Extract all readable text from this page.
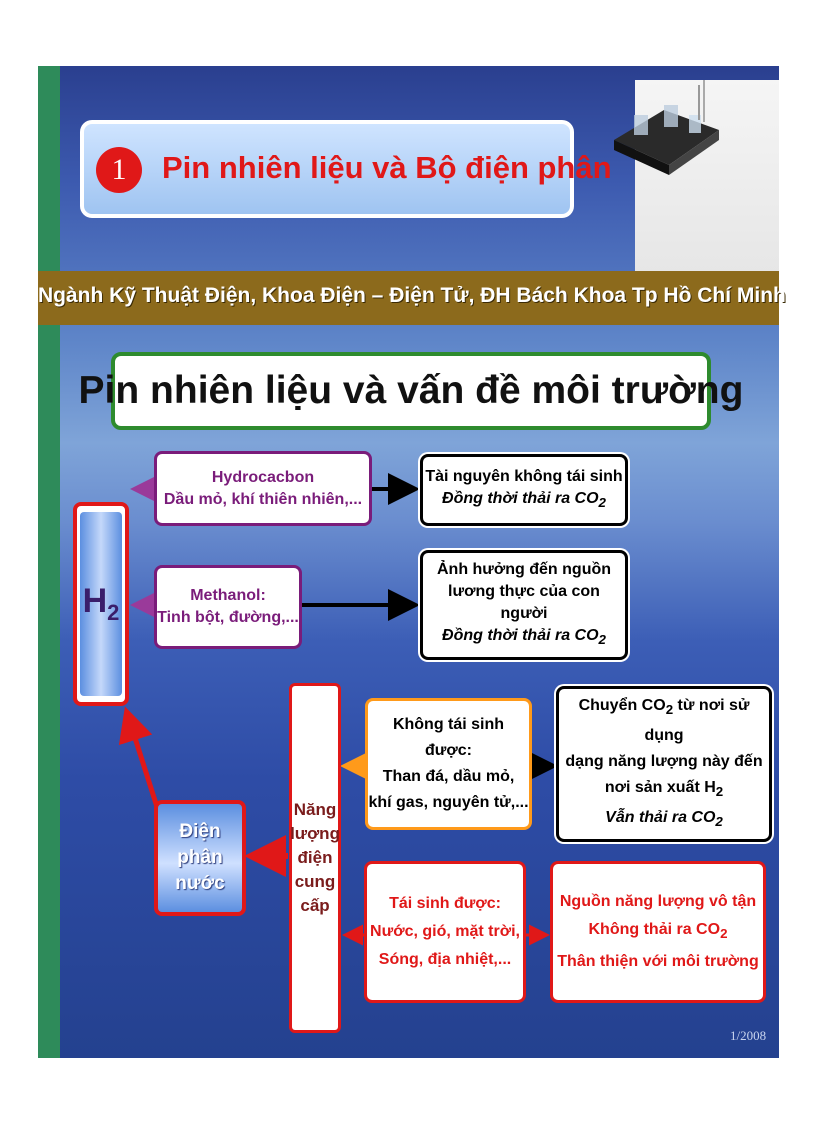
1	Pin nhiên liệu và Bộ điện phân
Ngành Kỹ Thuật Điện, Khoa Điện – Điện Tử, ĐH Bách Khoa Tp Hồ Chí Minh
Pin nhiên liệu và vấn đề môi trường
$H_2$
Hydrocacbon
Dầu mỏ, khí thiên nhiên,...
Methanol:
Tinh bột, đường,...
Tài nguyên không tái sinh
Đồng thời thải ra $CO_2$
Ảnh hưởng đến nguồn
lương thực của con người
Đồng thời thải ra $CO_2$
Điện phân
nước
Năng
lượng
điện
cung
cấp
Không tái sinh được:
Than đá, dầu mỏ,
khí gas, nguyên tử,...
Chuyển $CO_2$ từ nơi sử dụng
dạng năng lượng này đến
nơi sản xuất $H_2$
Vẫn thải ra $CO_2$
Tái sinh được:
Nước, gió, mặt trời,
Sóng, địa nhiệt,...
Nguồn năng lượng vô tận
Không thải ra $CO_2$
Thân thiện với môi trường
1/2008
